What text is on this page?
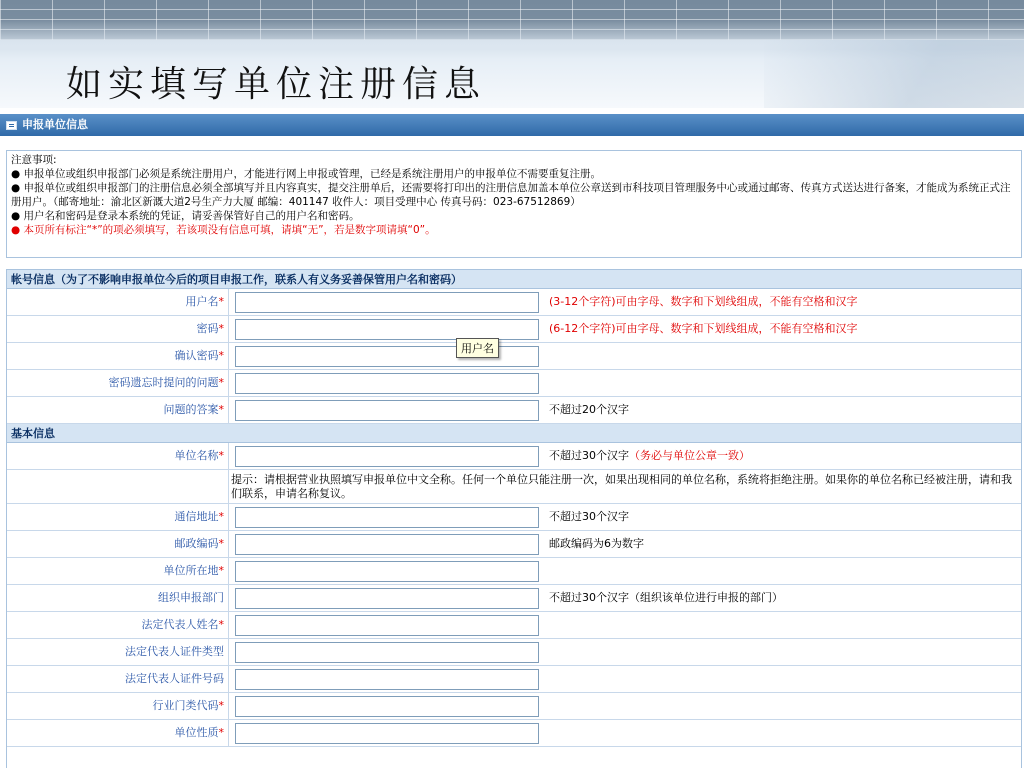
如实填写单位注册信息
申报单位信息
注意事项:
● 申报单位或组织申报部门必须是系统注册用户，才能进行网上申报或管理，已经是系统注册用户的申报单位不需要重复注册。
● 申报单位或组织申报部门的注册信息必须全部填写并且内容真实，提交注册单后，还需要将打印出的注册信息加盖本单位公章送到市科技项目管理服务中心或通过邮寄、传真方式送达进行备案，才能成为系统正式注册用户。（邮寄地址：渝北区新溉大道2号生产力大厦 邮编：401147 收件人：项目受理中心 传真号码：023-67512869）
● 用户名和密码是登录本系统的凭证，请妥善保管好自己的用户名和密码。
● 本页所有标注“*”的项必须填写，若该项没有信息可填，请填“无”，若是数字项请填“0”。
帐号信息（为了不影响申报单位今后的项目申报工作，联系人有义务妥善保管用户名和密码）
用户名*	(3-12个字符)可由字母、数字和下划线组成，不能有空格和汉字
密码*	(6-12个字符)可由字母、数字和下划线组成，不能有空格和汉字
确认密码*
密码遗忘时提问的问题*
问题的答案*	不超过20个汉字
基本信息
单位名称*	不超过30个汉字（务必与单位公章一致）
提示：请根据营业执照填写申报单位中文全称。任何一个单位只能注册一次，如果出现相同的单位名称，系统将拒绝注册。如果你的单位名称已经被注册，请和我们联系，申请名称复议。
通信地址*	不超过30个汉字
邮政编码*	邮政编码为6为数字
单位所在地*
组织申报部门	不超过30个汉字（组织该单位进行申报的部门）
法定代表人姓名*
法定代表人证件类型
法定代表人证件号码
行业门类代码*
单位性质*
用户名
